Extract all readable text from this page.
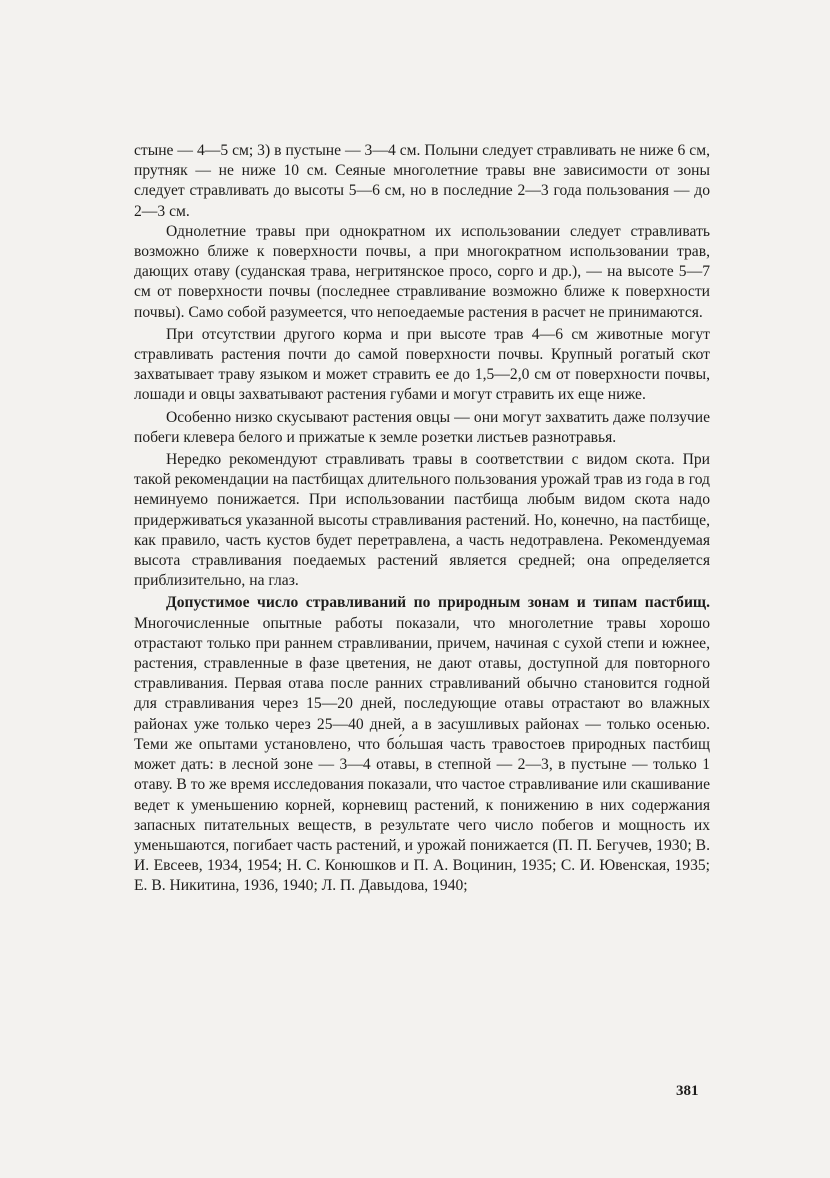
стыне — 4—5 см; 3) в пустыне — 3—4 см. Полыни следует стравливать не ниже 6 см, прутняк — не ниже 10 см. Сеяные многолетние травы вне зависимости от зоны следует стравливать до высоты 5—6 см, но в последние 2—3 года пользования — до 2—3 см.

Однолетние травы при однократном их использовании следует стравливать возможно ближе к поверхности почвы, а при многократном использовании трав, дающих отаву (суданская трава, негритянское просо, сорго и др.), — на высоте 5—7 см от поверхности почвы (последнее стравливание возможно ближе к поверхности почвы). Само собой разумеется, что непоедаемые растения в расчет не принимаются.

При отсутствии другого корма и при высоте трав 4—6 см животные могут стравливать растения почти до самой поверхности почвы. Крупный рогатый скот захватывает траву языком и может стравить ее до 1,5—2,0 см от поверхности почвы, лошади и овцы захватывают растения губами и могут стравить их еще ниже.

Особенно низко скусывают растения овцы — они могут захватить даже ползучие побеги клевера белого и прижатые к земле розетки листьев разнотравья.

Нередко рекомендуют стравливать травы в соответствии с видом скота. При такой рекомендации на пастбищах длительного пользования урожай трав из года в год неминуемо понижается. При использовании пастбища любым видом скота надо придерживаться указанной высоты стравливания растений. Но, конечно, на пастбище, как правило, часть кустов будет перетравлена, а часть недотравлена. Рекомендуемая высота стравливания поедаемых растений является средней; она определяется приблизительно, на глаз.

Допустимое число стравливаний по природным зонам и типам пастбищ. Многочисленные опытные работы показали, что многолетние травы хорошо отрастают только при раннем стравливании, причем, начиная с сухой степи и южнее, растения, стравленные в фазе цветения, не дают отавы, доступной для повторного стравливания. Первая отава после ранних стравливаний обычно становится годной для стравливания через 15—20 дней, последующие отавы отрастают во влажных районах уже только через 25—40 дней, а в засушливых районах — только осенью. Теми же опытами установлено, что бо́льшая часть травостоев природных пастбищ может дать: в лесной зоне — 3—4 отавы, в степной — 2—3, в пустыне — только 1 отаву. В то же время исследования показали, что частое стравливание или скашивание ведет к уменьшению корней, корневищ растений, к понижению в них содержания запасных питательных веществ, в результате чего число побегов и мощность их уменьшаются, погибает часть растений, и урожай понижается (П. П. Бегучев, 1930; В. И. Евсеев, 1934, 1954; Н. С. Конюшков и П. А. Воцинин, 1935; С. И. Ювенская, 1935; Е. В. Никитина, 1936, 1940; Л. П. Давыдова, 1940;

381
